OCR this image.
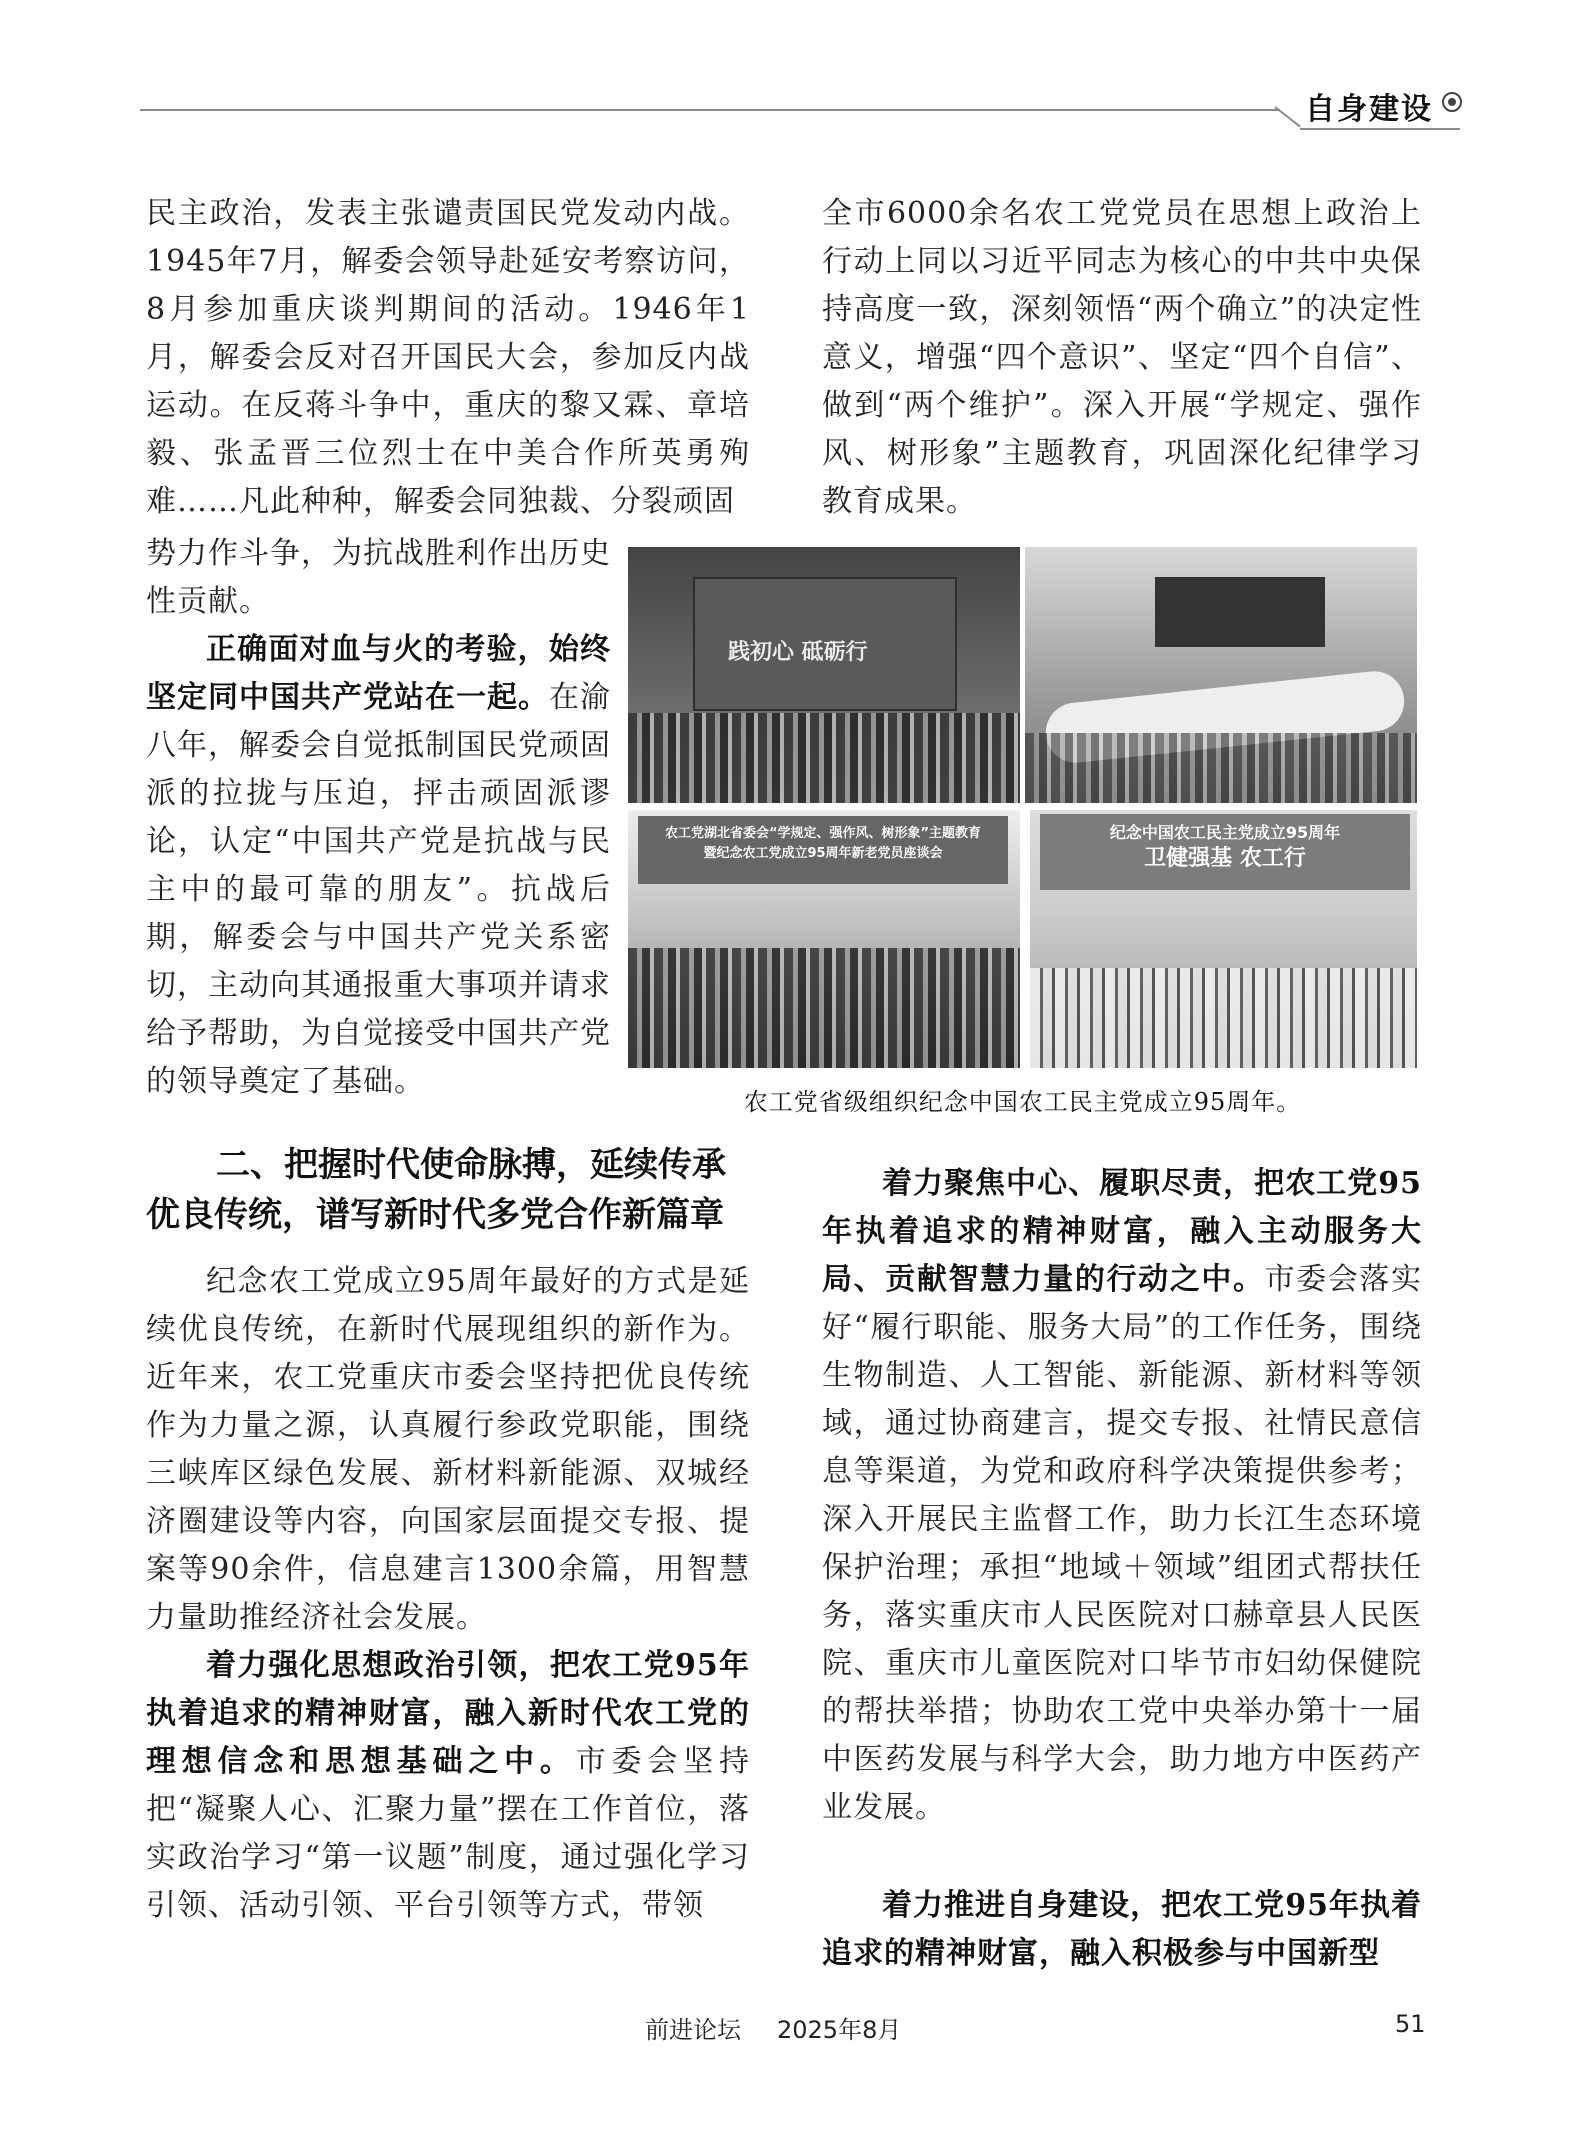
自身建设

民主政治，发表主张谴责国民党发动内战。1945年7月，解委会领导赴延安考察访问，8月参加重庆谈判期间的活动。1946年1月，解委会反对召开国民大会，参加反内战运动。在反蒋斗争中，重庆的黎又霖、章培毅、张孟晋三位烈士在中美合作所英勇殉难……凡此种种，解委会同独裁、分裂顽固

势力作斗争，为抗战胜利作出历史性贡献。

正确面对血与火的考验，始终坚定同中国共产党站在一起。在渝八年，解委会自觉抵制国民党顽固派的拉拢与压迫，抨击顽固派谬论，认定“中国共产党是抗战与民主中的最可靠的朋友”。抗战后期，解委会与中国共产党关系密切，主动向其通报重大事项并请求给予帮助，为自觉接受中国共产党的领导奠定了基础。

全市6000余名农工党党员在思想上政治上行动上同以习近平同志为核心的中共中央保持高度一致，深刻领悟“两个确立”的决定性意义，增强“四个意识”、坚定“四个自信”、做到“两个维护”。深入开展“学规定、强作风、树形象”主题教育，巩固深化纪律学习教育成果。

践初心 砥砺行
农工党湖北省委会“学规定、强作风、树形象”主题教育
暨纪念农工党成立95周年新老党员座谈会
纪念中国农工民主党成立95周年
卫健强基 农工行
农工党省级组织纪念中国农工民主党成立95周年。
二、把握时代使命脉搏，延续传承
优良传统，谱写新时代多党合作新篇章

纪念农工党成立95周年最好的方式是延续优良传统，在新时代展现组织的新作为。近年来，农工党重庆市委会坚持把优良传统作为力量之源，认真履行参政党职能，围绕三峡库区绿色发展、新材料新能源、双城经济圈建设等内容，向国家层面提交专报、提案等90余件，信息建言1300余篇，用智慧力量助推经济社会发展。

着力强化思想政治引领，把农工党95年执着追求的精神财富，融入新时代农工党的理想信念和思想基础之中。市委会坚持把“凝聚人心、汇聚力量”摆在工作首位，落实政治学习“第一议题”制度，通过强化学习引领、活动引领、平台引领等方式，带领

着力聚焦中心、履职尽责，把农工党95年执着追求的精神财富，融入主动服务大局、贡献智慧力量的行动之中。市委会落实好“履行职能、服务大局”的工作任务，围绕生物制造、人工智能、新能源、新材料等领域，通过协商建言，提交专报、社情民意信息等渠道，为党和政府科学决策提供参考；深入开展民主监督工作，助力长江生态环境保护治理；承担“地域＋领域”组团式帮扶任务，落实重庆市人民医院对口赫章县人民医院、重庆市儿童医院对口毕节市妇幼保健院的帮扶举措；协助农工党中央举办第十一届中医药发展与科学大会，助力地方中医药产业发展。

着力推进自身建设，把农工党95年执着追求的精神财富，融入积极参与中国新型

前进论坛 2025年8月	51
